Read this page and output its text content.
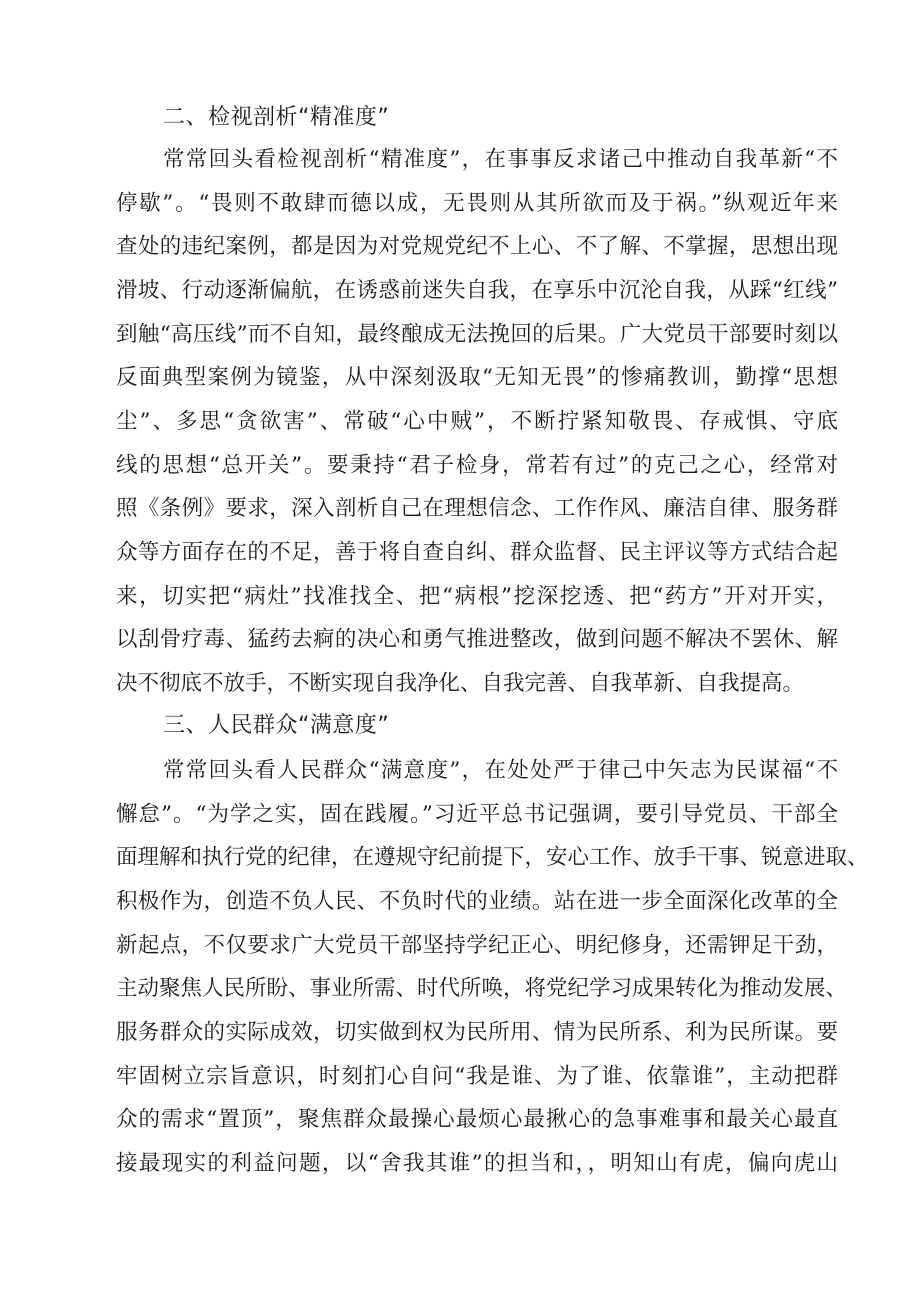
二、检视剖析“精准度”
常常回头看检视剖析“精准度”，在事事反求诸己中推动自我革新“不
停歇”。“畏则不敢肆而德以成，无畏则从其所欲而及于祸。”纵观近年来
查处的违纪案例，都是因为对党规党纪不上心、不了解、不掌握，思想出现
滑坡、行动逐渐偏航，在诱惑前迷失自我，在享乐中沉沦自我，从踩“红线”
到触“高压线”而不自知，最终酿成无法挽回的后果。广大党员干部要时刻以
反面典型案例为镜鉴，从中深刻汲取“无知无畏”的惨痛教训，勤撑“思想
尘”、多思“贪欲害”、常破“心中贼”，不断拧紧知敬畏、存戒惧、守底
线的思想“总开关”。要秉持“君子检身，常若有过”的克己之心，经常对
照《条例》要求，深入剖析自己在理想信念、工作作风、廉洁自律、服务群
众等方面存在的不足，善于将自查自纠、群众监督、民主评议等方式结合起
来，切实把“病灶”找准找全、把“病根”挖深挖透、把“药方”开对开实，
以刮骨疗毒、猛药去痾的决心和勇气推进整改，做到问题不解决不罢休、解
决不彻底不放手，不断实现自我净化、自我完善、自我革新、自我提高。
三、人民群众“满意度”
常常回头看人民群众“满意度”，在处处严于律己中矢志为民谋福“不
懈怠”。“为学之实，固在践履。”习近平总书记强调，要引导党员、干部全
面理解和执行党的纪律，在遵规守纪前提下，安心工作、放手干事、锐意进取、
积极作为，创造不负人民、不负时代的业绩。站在进一步全面深化改革的全
新起点，不仅要求广大党员干部坚持学纪正心、明纪修身，还需钾足干劲，
主动聚焦人民所盼、事业所需、时代所唤，将党纪学习成果转化为推动发展、
服务群众的实际成效，切实做到权为民所用、情为民所系、利为民所谋。要
牢固树立宗旨意识，时刻扪心自问“我是谁、为了谁、依靠谁”，主动把群
众的需求“置顶”，聚焦群众最操心最烦心最揪心的急事难事和最关心最直
接最现实的利益问题，以“舍我其谁”的担当和，，明知山有虎，偏向虎山
